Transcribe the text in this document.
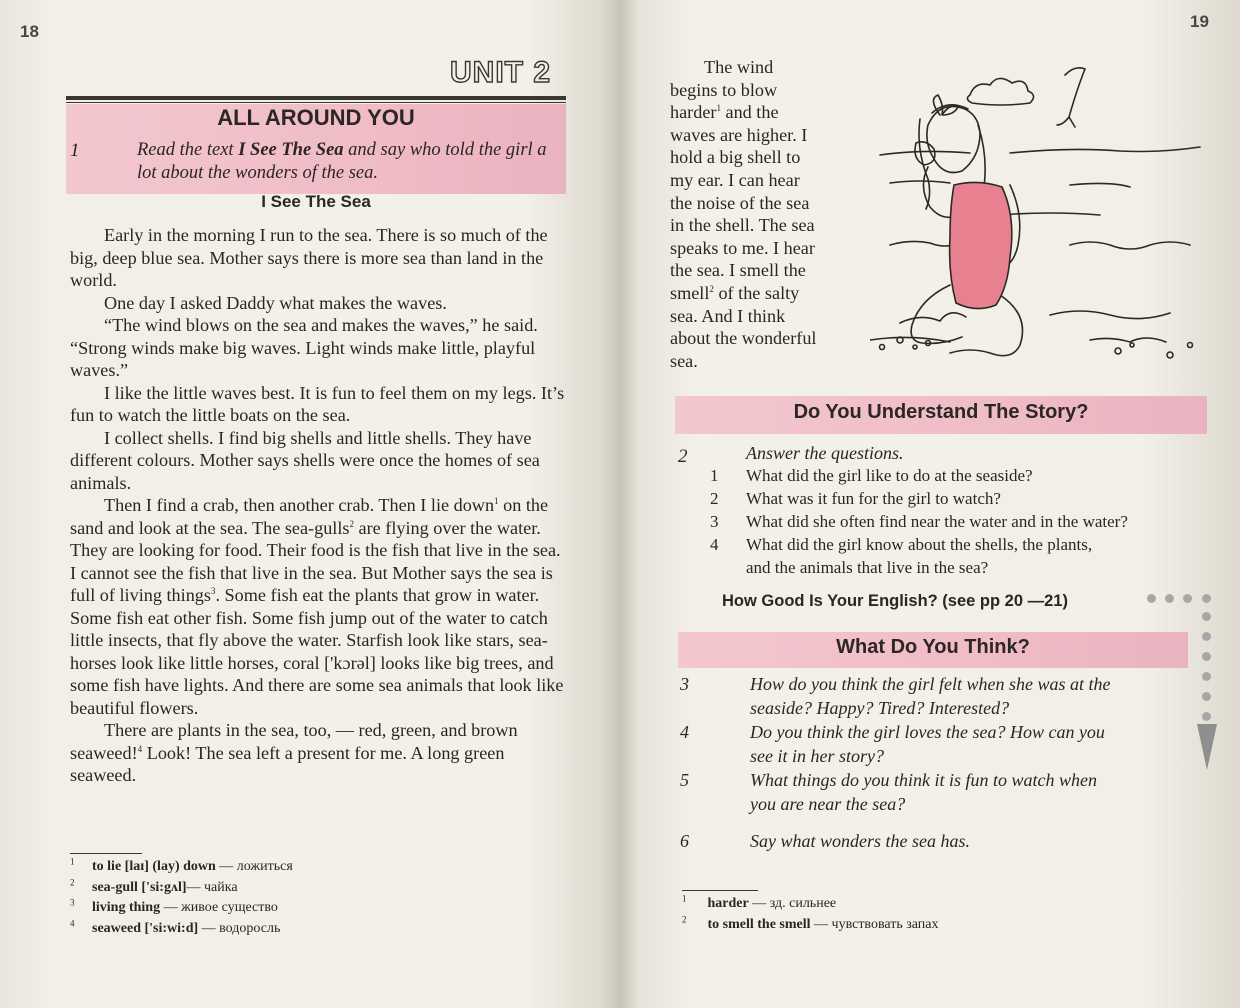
18
UNIT 2
ALL AROUND YOU
1	Read the text I See The Sea and say who told the girl a lot about the wonders of the sea.
I See The Sea

Early in the morning I run to the sea. There is so much of the big, deep blue sea. Mother says there is more sea than land in the world.

One day I asked Daddy what makes the waves.

“The wind blows on the sea and makes the waves,” he said. “Strong winds make big waves. Light winds make little, playful waves.”

I like the little waves best. It is fun to feel them on my legs. It’s fun to watch the little boats on the sea.

I collect shells. I find big shells and little shells. They have different colours. Mother says shells were once the homes of sea animals.

Then I find a crab, then another crab. Then I lie down$^1$ on the sand and look at the sea. The sea-gulls$^2$ are flying over the water. They are looking for food. Their food is the fish that live in the sea. I cannot see the fish that live in the sea. But Mother says the sea is full of living things$^3$. Some fish eat the plants that grow in water. Some fish eat other fish. Some fish jump out of the water to catch little insects, that fly above the water. Starfish look like stars, sea-horses look like little horses, coral ['kɔrəl] looks like big trees, and some fish have lights. And there are some sea animals that look like beautiful flowers.

There are plants in the sea, too, — red, green, and brown seaweed!$^4$ Look! The sea left a present for me. A long green seaweed.

$^1$ to lie [laɪ] (lay) down — ложиться
$^2$ sea-gull ['si:gʌl]— чайка
$^3$ living thing — живое существо
$^4$ seaweed ['si:wi:d] — водоросль
19
The wind
begins to blow
harder$^1$ and the
waves are higher. I
hold a big shell to
my ear. I can hear
the noise of the sea
in the shell. The sea
speaks to me. I hear
the sea. I smell the
smell$^2$ of the salty
sea. And I think
about the wonderful
sea.
Do You Understand The Story?
2	Answer the questions.
1 What did the girl like to do at the seaside?
2 What was it fun for the girl to watch?
3 What did she often find near the water and in the water?
4 What did the girl know about the shells, the plants,
and the animals that live in the sea?
How Good Is Your English? (see pp 20 —21)
What Do You Think?
3	How do you think the girl felt when she was at the
seaside? Happy? Tired? Interested?
4	Do you think the girl loves the sea? How can you
see it in her story?
5	What things do you think it is fun to watch when
you are near the sea?
6	Say what wonders the sea has.
$^1$ harder — зд. сильнее
$^2$ to smell the smell — чувствовать запах
